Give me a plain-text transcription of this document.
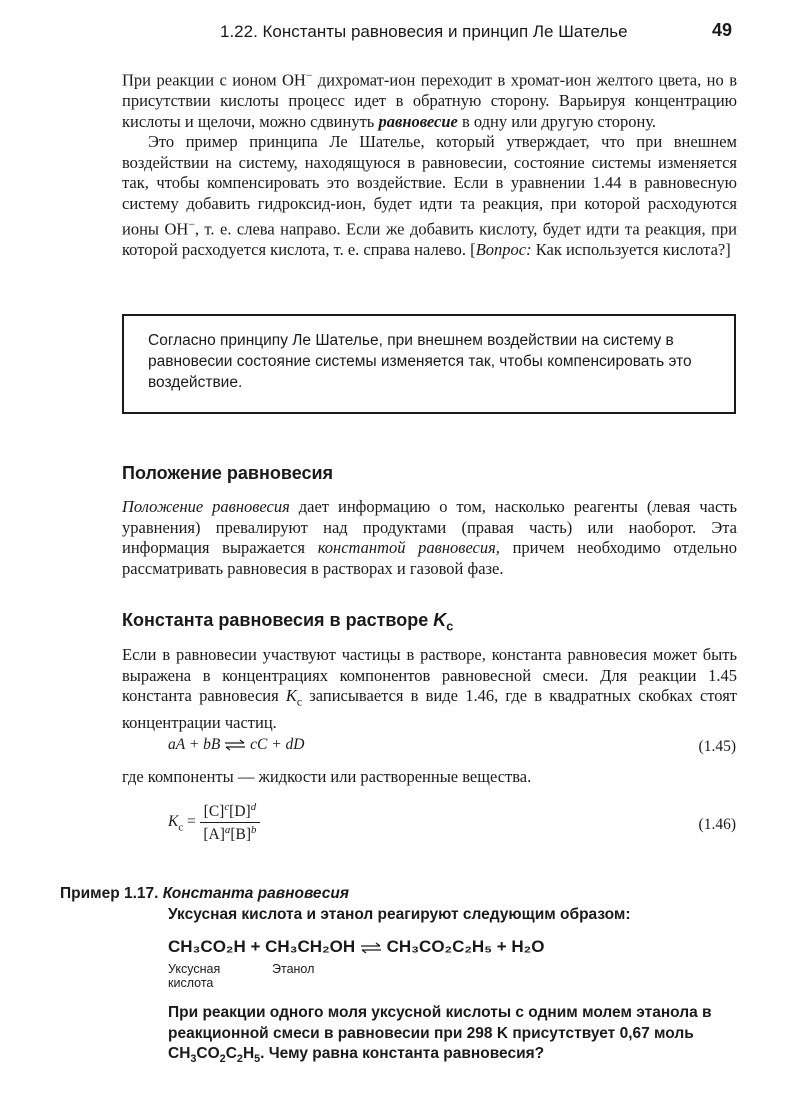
1.22. Константы равновесия и принцип Ле Шателье	49

При реакции с ионом OH− дихромат-ион переходит в хромат-ион желтого цвета, но в присутствии кислоты процесс идет в обратную сторону. Варьируя концентрацию кислоты и щелочи, можно сдвинуть равновесие в одну или другую сторону.

Это пример принципа Ле Шателье, который утверждает, что при внешнем воздействии на систему, находящуюся в равновесии, состояние системы изменяется так, чтобы компенсировать это воздействие. Если в уравнении 1.44 в равновесную систему добавить гидроксид-ион, будет идти та реакция, при которой расходуются ионы OH−, т. е. слева направо. Если же добавить кислоту, будет идти та реакция, при которой расходуется кислота, т. е. справа налево. [Вопрос: Как используется кислота?]

Согласно принципу Ле Шателье, при внешнем воздействии на систему в равновесии состояние системы изменяется так, чтобы компенсировать это воздействие.
Положение равновесия

Положение равновесия дает информацию о том, насколько реагенты (левая часть уравнения) превалируют над продуктами (правая часть) или наоборот. Эта информация выражается константой равновесия, причем необходимо отдельно рассматривать равновесия в растворах и газовой фазе.

Константа равновесия в растворе $K_c$

Если в равновесии участвуют частицы в растворе, константа равновесия может быть выражена в концентрациях компонентов равновесной смеси. Для реакции 1.45 константа равновесия $K_c$ записывается в виде 1.46, где в квадратных скобках стоят концентрации частиц.

aA + bB ⇌ cC + dD	(1.45)
где компоненты — жидкости или растворенные вещества.
$K_c = \frac{[C]^c[D]^d}{[A]^a[B]^b}$	(1.46)
Пример 1.17. Константа равновесия
Уксусная кислота и этанол реагируют следующим образом:
CH₃CO₂H + CH₃CH₂OH ⇌ CH₃CO₂C₂H₅ + H₂O
Уксусная
кислота
Этанол
При реакции одного моля уксусной кислоты с одним молем этанола в реакционной смеси в равновесии при 298 K присутствует 0,67 моль $CH_3CO_2C_2H_5$. Чему равна константа равновесия?
